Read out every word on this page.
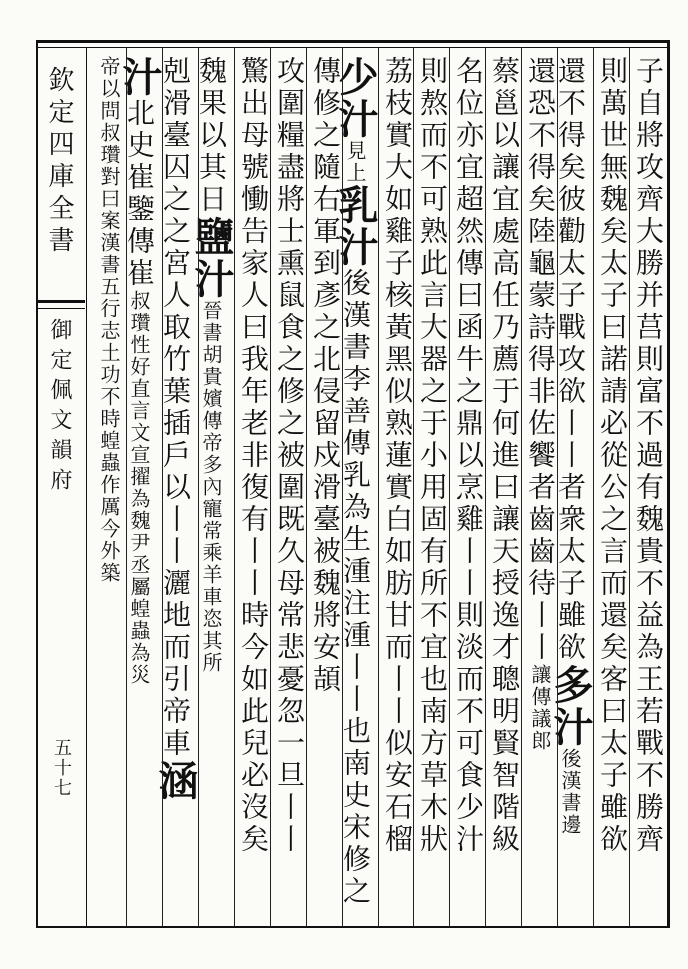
欽定四庫全書
御定佩文韻府
五十七	子自將攻齊大勝并莒則富不過有魏貴不益為王若戰不勝齊
則萬世無魏矣太子曰諾請必從公之言而還矣客曰太子雖欲
還不得矣彼勸太子戰攻欲丨丨者衆太子雖欲多汁後漢書邊
還恐不得矣陸龜蒙詩得非佐饗者齒齒待丨丨讓傳議郎
蔡邕以讓宜處高任乃薦于何進曰讓天授逸才聰明賢智階級
名位亦宜超然傳曰函牛之鼎以烹雞丨丨則淡而不可食少汁
則熬而不可熟此言大器之于小用固有所不宜也南方草木狀
荔枝實大如雞子核黃黑似熟蓮實白如肪甘而丨丨似安石榴
少汁見上乳汁後漢書李善傳乳為生湩注湩丨丨也南史宋修之
傳修之隨右軍到彥之北侵留戍滑臺被魏將安頡
攻圍糧盡將士熏鼠食之修之被圍既久母常悲憂忽一旦丨丨
驚出母號慟告家人曰我年老非復有丨丨時今如此兒必沒矣
魏果以其日鹽汁晉書胡貴嬪傳帝多內寵常乘羊車恣其所
剋滑臺囚之之宮人取竹葉插戶以丨丨灑地而引帝車涵
汁北史崔鑒傳崔叔瓚性好直言文宣擢為魏尹丞屬蝗蟲為災
帝以問叔瓚對曰案漢書五行志土功不時蝗蟲作厲今外築
